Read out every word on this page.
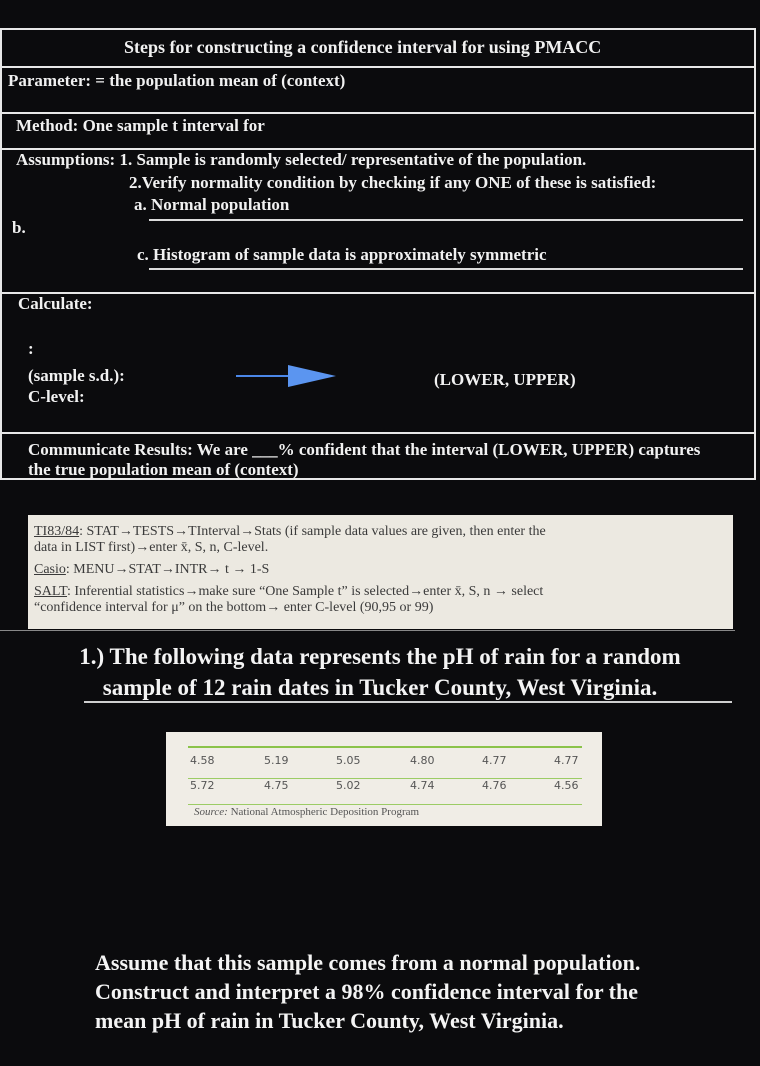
Steps for constructing a confidence interval for using PMACC
Parameter: = the population mean of (context)
Method: One sample t interval for
Assumptions: 1. Sample is randomly selected/ representative of the population.
2.Verify normality condition by checking if any ONE of these is satisfied:
a. Normal population
b.
c. Histogram of sample data is approximately symmetric
Calculate:
:
(sample s.d.):
C-level:
(LOWER, UPPER)
Communicate Results: We are ___% confident that the interval (LOWER, UPPER) captures
the true population mean of (context)
TI83/84: STAT→TESTS→TInterval→Stats (if sample data values are given, then enter the
data in LIST first)→enter x̄, S, n, C-level.
Casio: MENU→STAT→INTR→ t → 1-S
SALT: Inferential statistics→make sure “One Sample t” is selected→enter x̄, S, n → select
“confidence interval for μ” on the bottom→ enter C-level (90,95 or 99)
1.) The following data represents the pH of rain for a random
sample of 12 rain dates in Tucker County, West Virginia.
4.58	5.19	5.05	4.80	4.77	4.77
5.72	4.75	5.02	4.74	4.76	4.56
Source: National Atmospheric Deposition Program
Assume that this sample comes from a normal population.
Construct and interpret a 98% confidence interval for the
mean pH of rain in Tucker County, West Virginia.
